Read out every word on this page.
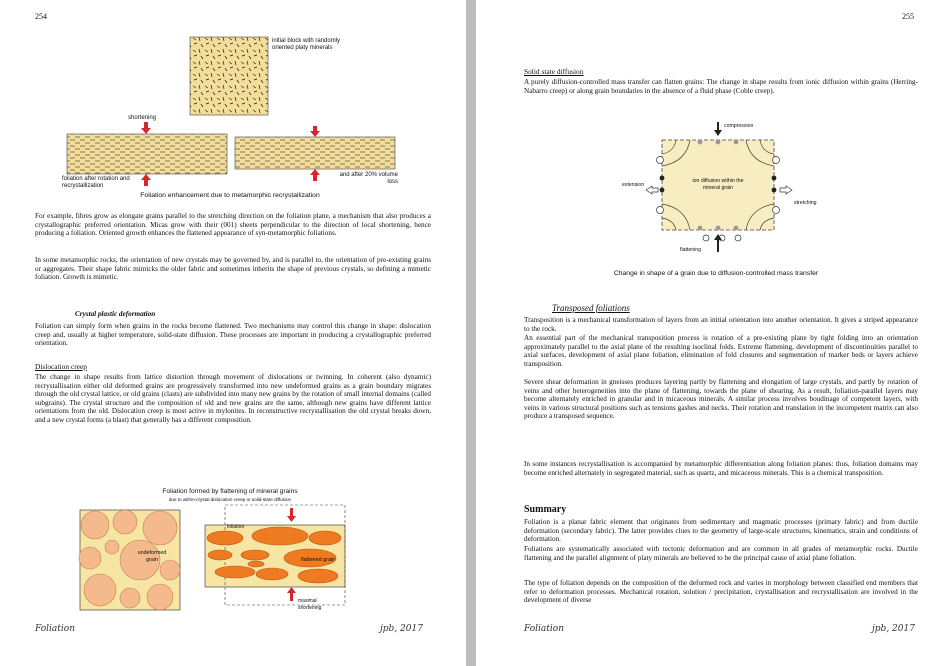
254
initial block with randomly oriented platy minerals
shortening
foliation after rotation and recrystallization
and after 20% volume loss
Foliation enhancement due to metamorphic recrystallization

For example, fibres grow as elongate grains parallel to the stretching direction on the foliation plane, a mechanism that also produces a crystallographic preferred orientation. Micas grow with their (001) sheets perpendicular to the direction of local shortening, hence producing a foliation. Oriented growth enhances the flattened appearance of syn-metamorphic foliations.

In some metamorphic rocks, the orientation of new crystals may be governed by, and is parallel to, the orientation of pre-existing grains or aggregates. Their shape fabric mimicks the older fabric and sometimes inherits the shape of previous crystals, so defining a mimetic foliation. Growth is mimetic.

Crystal plastic deformation

Foliation can simply form when grains in the rocks become flattened. Two mechanisms may control this change in shape: dislocation creep and, usually at higher temperature, solid-state diffusion. These processes are important in producing a crystallographic preferred orientation.

Dislocation creep

The change in shape results from lattice distortion through movement of dislocations or twinning. In coherent (also dynamic) recrystallisation either old deformed grains are progressively transformed into new undeformed grains as a grain boundary migrates through the old crystal lattice, or old grains (clasts) are subdivided into many new grains by the rotation of small internal domains (called subgrains). The crystal structure and the composition of old and new grains are the same, although new grains have different lattice orientations from the old. Dislocation creep is most active in mylonites. In reconstructive recrystallisation the old crystal breaks down, and a new crystal forms (a blast) that generally has a different composition.

Foliation formed by flattening of mineral grains
due to within-crystal dislocation creep or solid-state diffusion
undeformed grain	flattened grain
foliation
maximal shortening
Foliation	jpb, 2017
255
Solid state diffusion

A purely diffusion-controlled mass transfer can flatten grains: The change in shape results from ionic diffusion within grains (Herring-Nabarro creep) or along grain boundaries in the absence of a fluid phase (Coble creep).

compression
extension
stretching
flattening
ion diffusion within the mineral grain
Change in shape of a grain due to diffusion-controlled mass transfer
Transposed foliations

Transposition is a mechanical transformation of layers from an initial orientation into another orientation. It gives a striped appearance to the rock.

An essential part of the mechanical transposition process is rotation of a pre-existing plane by tight folding into an orientation approximately parallel to the axial plane of the resulting isoclinal folds. Extreme flattening, development of discontinuities parallel to axial surfaces, development of axial plane foliation, elimination of fold closures and segmentation of marker beds or layers achieve transposition.

Severe shear deformation in gneisses produces layering partly by flattening and elongation of large crystals, and partly by rotation of veins and other heterogeneities into the plane of flattening, towards the plane of shearing. As a result, foliation-parallel layers may become alternately enriched in granular and in micaceous minerals. A similar process involves boudinage of competent layers, with veins in various structural positions such as tensions gashes and necks. Their rotation and translation in the incompetent matrix can also produce a transposed sequence.

In some instances recrystallisation is accompanied by metamorphic differentiation along foliation planes: thus, foliation domains may become enriched alternately in segregated material, such as quartz, and micaceous minerals. This is a chemical transposition.

Summary

Foliation is a planar fabric element that originates from sedimentary and magmatic processes (primary fabric) and from ductile deformation (secondary fabric). The latter provides clues to the geometry of large-scale structures, kinematics, strain and conditions of deformation.

Foliations are systematically associated with tectonic deformation and are common in all grades of metamorphic rocks. Ductile flattening and the parallel alignment of platy minerals are believed to be the principal cause of axial plane foliation.

The type of foliation depends on the composition of the deformed rock and varies in morphology between classified end members that refer to deformation processes. Mechanical rotation, solution / precipitation, crystallisation and recrystallisation are involved in the development of diverse

Foliation	jpb, 2017
